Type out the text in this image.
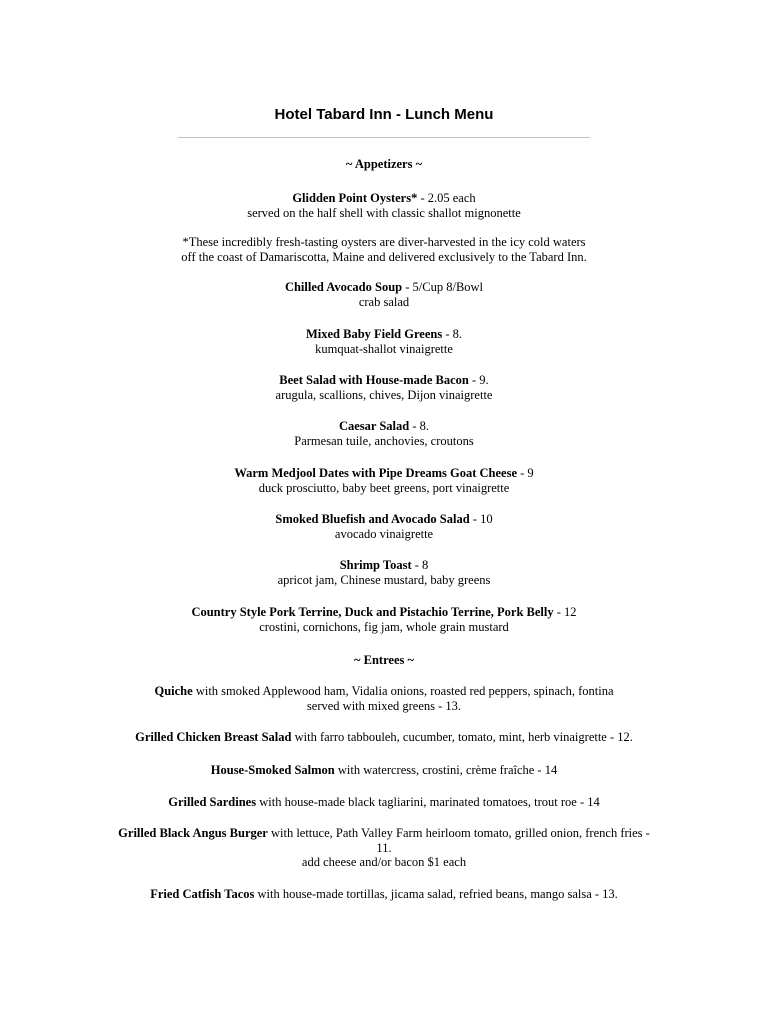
Hotel Tabard Inn - Lunch Menu
~ Appetizers ~
Glidden Point Oysters* - 2.05 each
served on the half shell with classic shallot mignonette
*These incredibly fresh-tasting oysters are diver-harvested in the icy cold waters
off the coast of Damariscotta, Maine and delivered exclusively to the Tabard Inn.
Chilled Avocado Soup - 5/Cup 8/Bowl
crab salad
Mixed Baby Field Greens - 8.
kumquat-shallot vinaigrette
Beet Salad with House-made Bacon - 9.
arugula, scallions, chives, Dijon vinaigrette
Caesar Salad - 8.
Parmesan tuile, anchovies, croutons
Warm Medjool Dates with Pipe Dreams Goat Cheese - 9
duck prosciutto, baby beet greens, port vinaigrette
Smoked Bluefish and Avocado Salad - 10
avocado vinaigrette
Shrimp Toast - 8
apricot jam, Chinese mustard, baby greens
Country Style Pork Terrine, Duck and Pistachio Terrine, Pork Belly - 12
crostini, cornichons, fig jam, whole grain mustard
~ Entrees ~
Quiche with smoked Applewood ham, Vidalia onions, roasted red peppers, spinach, fontina
served with mixed greens - 13.
Grilled Chicken Breast Salad with farro tabbouleh, cucumber, tomato, mint, herb vinaigrette - 12.
House-Smoked Salmon with watercress, crostini, crème fraîche - 14
Grilled Sardines with house-made black tagliarini, marinated tomatoes, trout roe - 14
Grilled Black Angus Burger with lettuce, Path Valley Farm heirloom tomato, grilled onion, french fries -
11.
add cheese and/or bacon $1 each
Fried Catfish Tacos with house-made tortillas, jicama salad, refried beans, mango salsa - 13.
